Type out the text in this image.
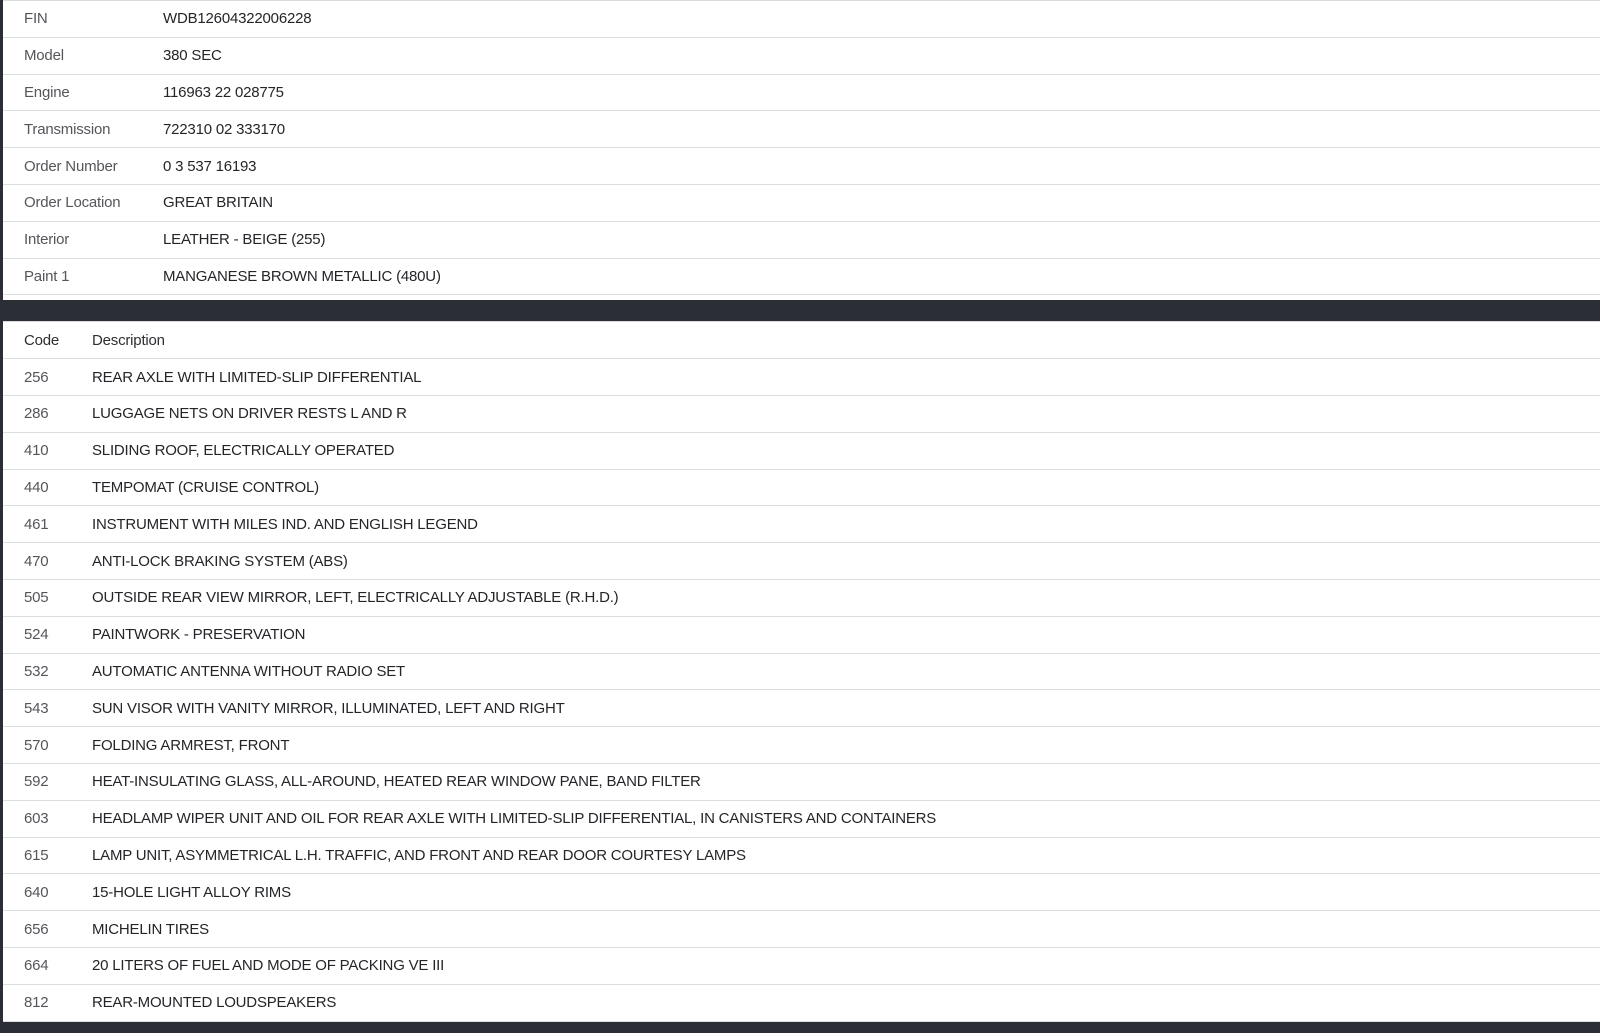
FIN	WDB12604322006228
Model	380 SEC
Engine	116963 22 028775
Transmission	722310 02 333170
Order Number	0 3 537 16193
Order Location	GREAT BRITAIN
Interior	LEATHER - BEIGE (255)
Paint 1	MANGANESE BROWN METALLIC (480U)
Code	Description
256	REAR AXLE WITH LIMITED-SLIP DIFFERENTIAL
286	LUGGAGE NETS ON DRIVER RESTS L AND R
410	SLIDING ROOF, ELECTRICALLY OPERATED
440	TEMPOMAT (CRUISE CONTROL)
461	INSTRUMENT WITH MILES IND. AND ENGLISH LEGEND
470	ANTI-LOCK BRAKING SYSTEM (ABS)
505	OUTSIDE REAR VIEW MIRROR, LEFT, ELECTRICALLY ADJUSTABLE (R.H.D.)
524	PAINTWORK - PRESERVATION
532	AUTOMATIC ANTENNA WITHOUT RADIO SET
543	SUN VISOR WITH VANITY MIRROR, ILLUMINATED, LEFT AND RIGHT
570	FOLDING ARMREST, FRONT
592	HEAT-INSULATING GLASS, ALL-AROUND, HEATED REAR WINDOW PANE, BAND FILTER
603	HEADLAMP WIPER UNIT AND OIL FOR REAR AXLE WITH LIMITED-SLIP DIFFERENTIAL, IN CANISTERS AND CONTAINERS
615	LAMP UNIT, ASYMMETRICAL L.H. TRAFFIC, AND FRONT AND REAR DOOR COURTESY LAMPS
640	15-HOLE LIGHT ALLOY RIMS
656	MICHELIN TIRES
664	20 LITERS OF FUEL AND MODE OF PACKING VE III
812	REAR-MOUNTED LOUDSPEAKERS
